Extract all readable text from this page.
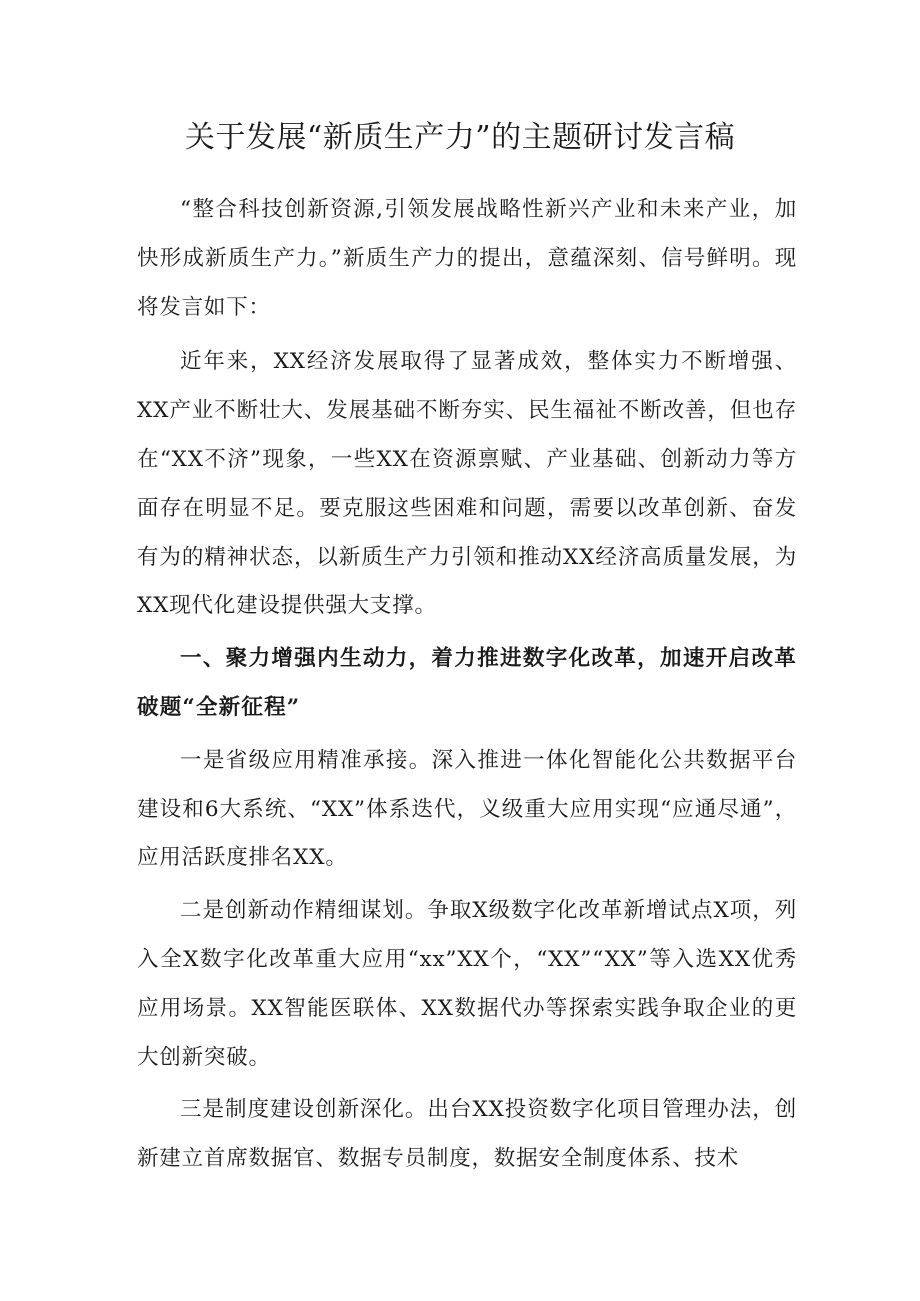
关于发展“新质生产力”的主题研讨发言稿

“整合科技创新资源,引领发展战略性新兴产业和未来产业，加快形成新质生产力。”新质生产力的提出，意蕴深刻、信号鲜明。现将发言如下：

近年来，XX经济发展取得了显著成效，整体实力不断增强、XX产业不断壮大、发展基础不断夯实、民生福祉不断改善，但也存在“XX不济”现象，一些XX在资源禀赋、产业基础、创新动力等方面存在明显不足。要克服这些困难和问题，需要以改革创新、奋发有为的精神状态，以新质生产力引领和推动XX经济高质量发展，为XX现代化建设提供强大支撑。

一、聚力增强内生动力，着力推进数字化改革，加速开启改革破题“全新征程”

一是省级应用精准承接。深入推进一体化智能化公共数据平台建设和6大系统、“XX”体系迭代，义级重大应用实现“应通尽通”，应用活跃度排名XX。

二是创新动作精细谋划。争取X级数字化改革新增试点X项，列入全X数字化改革重大应用“xx”XX个，“XX”“XX”等入选XX优秀应用场景。XX智能医联体、XX数据代办等探索实践争取企业的更大创新突破。

三是制度建设创新深化。出台XX投资数字化项目管理办法，创新建立首席数据官、数据专员制度，数据安全制度体系、技术
